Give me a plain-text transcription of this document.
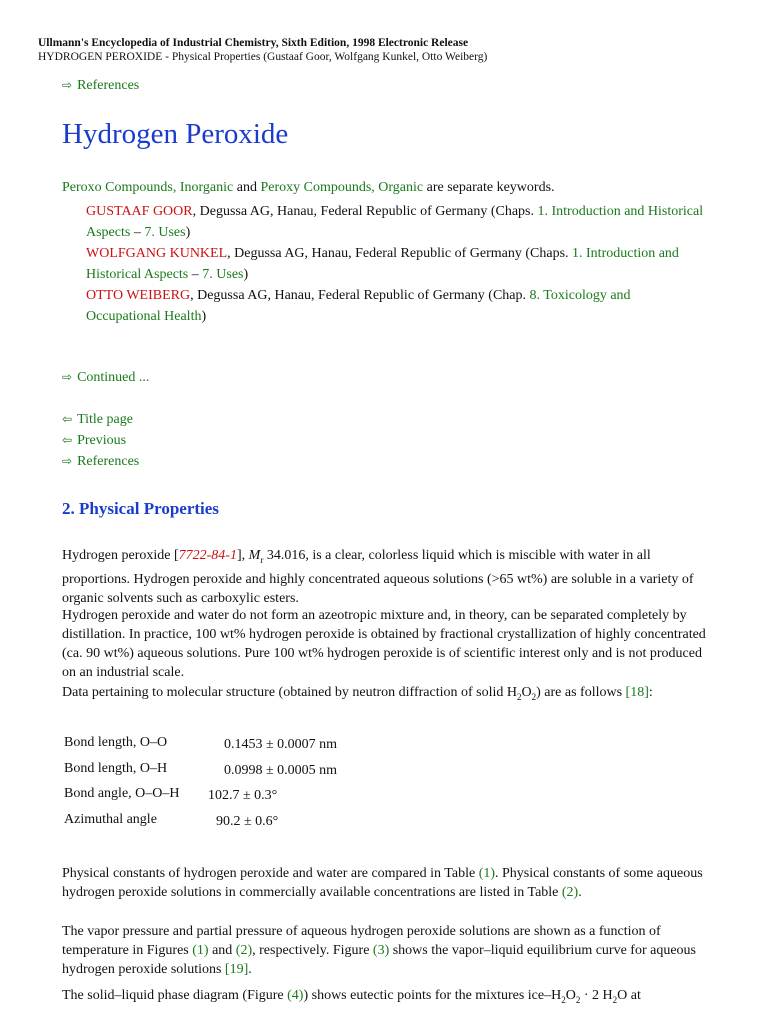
Ullmann's Encyclopedia of Industrial Chemistry, Sixth Edition, 1998 Electronic Release
HYDROGEN PEROXIDE - Physical Properties (Gustaaf Goor, Wolfgang Kunkel, Otto Weiberg)
⇨ References
Hydrogen Peroxide
Peroxo Compounds, Inorganic and Peroxy Compounds, Organic are separate keywords.
GUSTAAF GOOR, Degussa AG, Hanau, Federal Republic of Germany (Chaps. 1. Introduction and Historical Aspects – 7. Uses)
WOLFGANG KUNKEL, Degussa AG, Hanau, Federal Republic of Germany (Chaps. 1. Introduction and Historical Aspects – 7. Uses)
OTTO WEIBERG, Degussa AG, Hanau, Federal Republic of Germany (Chap. 8. Toxicology and Occupational Health)
⇨ Continued ...
⇦ Title page
⇦ Previous
⇨ References
2. Physical Properties
Hydrogen peroxide [7722-84-1], $M_r$ 34.016, is a clear, colorless liquid which is miscible with water in all proportions. Hydrogen peroxide and highly concentrated aqueous solutions (>65 wt%) are soluble in a variety of organic solvents such as carboxylic esters.
Hydrogen peroxide and water do not form an azeotropic mixture and, in theory, can be separated completely by distillation. In practice, 100 wt% hydrogen peroxide is obtained by fractional crystallization of highly concentrated (ca. 90 wt%) aqueous solutions. Pure 100 wt% hydrogen peroxide is of scientific interest only and is not produced on an industrial scale.
Data pertaining to molecular structure (obtained by neutron diffraction of solid $H_2O_2$) are as follows [18]:
Bond length, O–O	0.1453 ± 0.0007 nm
Bond length, O–H	0.0998 ± 0.0005 nm
Bond angle, O–O–H 102.7 ± 0.3°
Azimuthal angle	90.2 ± 0.6°
Physical constants of hydrogen peroxide and water are compared in Table (1). Physical constants of some aqueous hydrogen peroxide solutions in commercially available concentrations are listed in Table (2).
The vapor pressure and partial pressure of aqueous hydrogen peroxide solutions are shown as a function of temperature in Figures (1) and (2), respectively. Figure (3) shows the vapor–liquid equilibrium curve for aqueous hydrogen peroxide solutions [19].
The solid–liquid phase diagram (Figure (4)) shows eutectic points for the mixtures ice–$H_2O_2 \cdot 2$ $H_2O$ at
